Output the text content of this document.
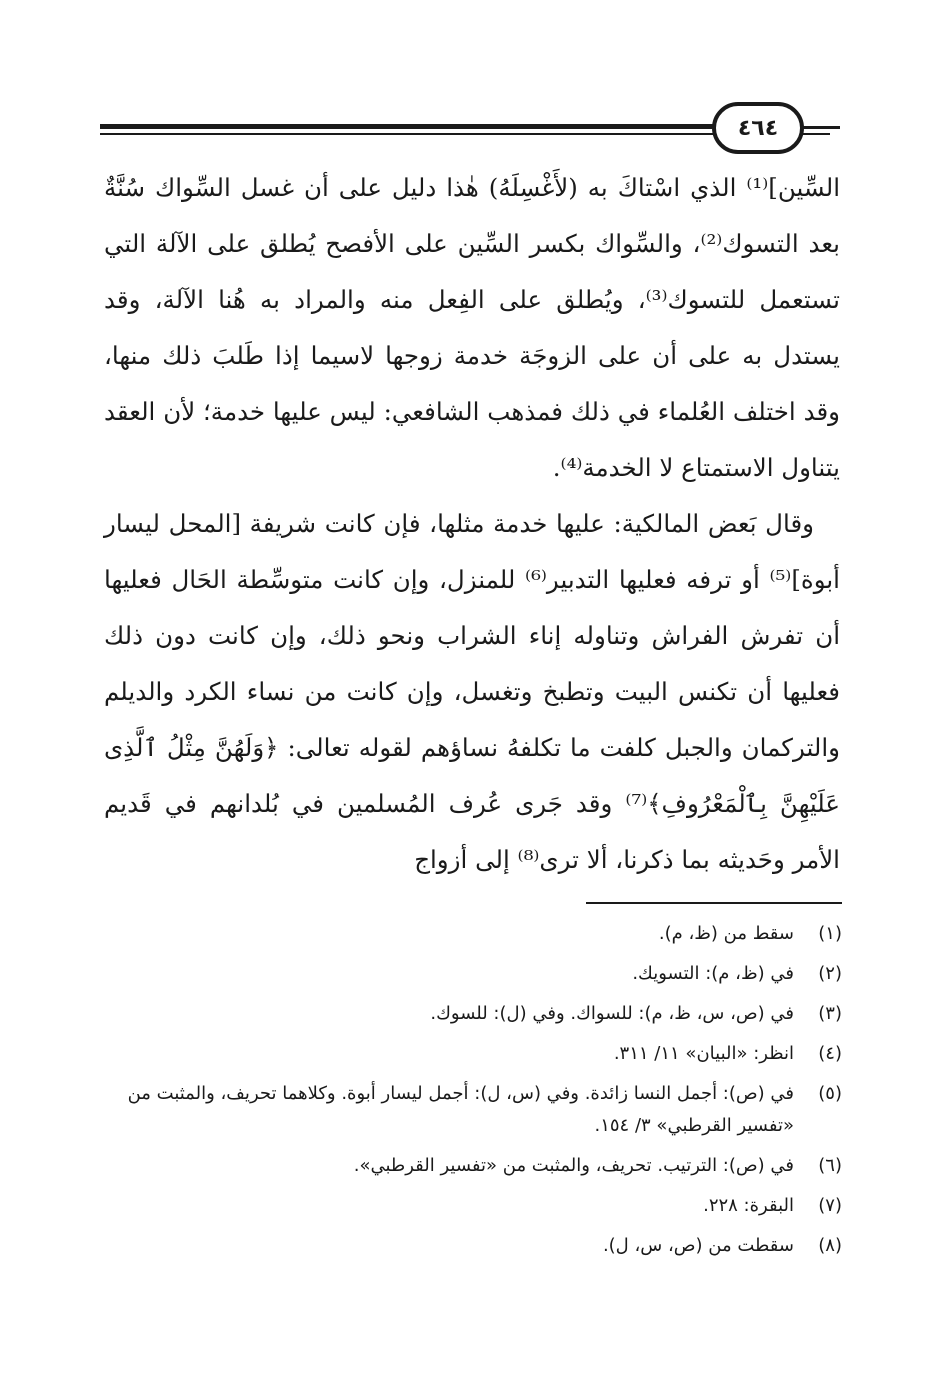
٤٦٤

السِّين]⁽¹⁾ الذي اسْتاكَ به (لأَغْسِلَهُ) هٰذا دليل على أن غسل السِّواك سُنَّةٌ بعد التسوك⁽²⁾، والسِّواك بكسر السِّين على الأفصح يُطلق على الآلة التي تستعمل للتسوك⁽³⁾، ويُطلق على الفِعل منه والمراد به هُنا الآلة، وقد يستدل به على أن على الزوجَة خدمة زوجها لاسيما إذا طَلبَ ذلك منها، وقد اختلف العُلماء في ذلك فمذهب الشافعي: ليس عليها خدمة؛ لأن العقد يتناول الاستمتاع لا الخدمة⁽⁴⁾.

وقال بَعض المالكية: عليها خدمة مثلها، فإن كانت شريفة [المحل ليسار أبوة]⁽⁵⁾ أو ترفه فعليها التدبير⁽⁶⁾ للمنزل، وإن كانت متوسِّطة الحَال فعليها أن تفرش الفراش وتناوله إناء الشراب ونحو ذلك، وإن كانت دون ذلك فعليها أن تكنس البيت وتطبخ وتغسل، وإن كانت من نساء الكرد والديلم والتركمان والجبل كلفت ما تكلفهُ نساؤهم لقوله تعالى: ﴿وَلَهُنَّ مِثْلُ ٱلَّذِى عَلَيْهِنَّ بِٱلْمَعْرُوفِ﴾⁽⁷⁾ وقد جَرى عُرف المُسلمين في بُلدانهم في قَديم الأمر وحَديثه بما ذكرنا، ألا ترى⁽⁸⁾ إلى أزواج

(١)
سقط من (ظ، م).
(٢)
في (ظ، م): التسويك.
(٣)
في (ص، س، ظ، م): للسواك. وفي (ل): للسوك.
(٤)
انظر: «البيان» ١١/ ٣١١.
(٥)
في (ص): أجمل النسا زائدة. وفي (س، ل): أجمل ليسار أبوة. وكلاهما تحريف، والمثبت من «تفسير القرطبي» ٣/ ١٥٤.
(٦)
في (ص): الترتيب. تحريف، والمثبت من «تفسير القرطبي».
(٧)
البقرة: ٢٢٨.
(٨)
سقطت من (ص، س، ل).
